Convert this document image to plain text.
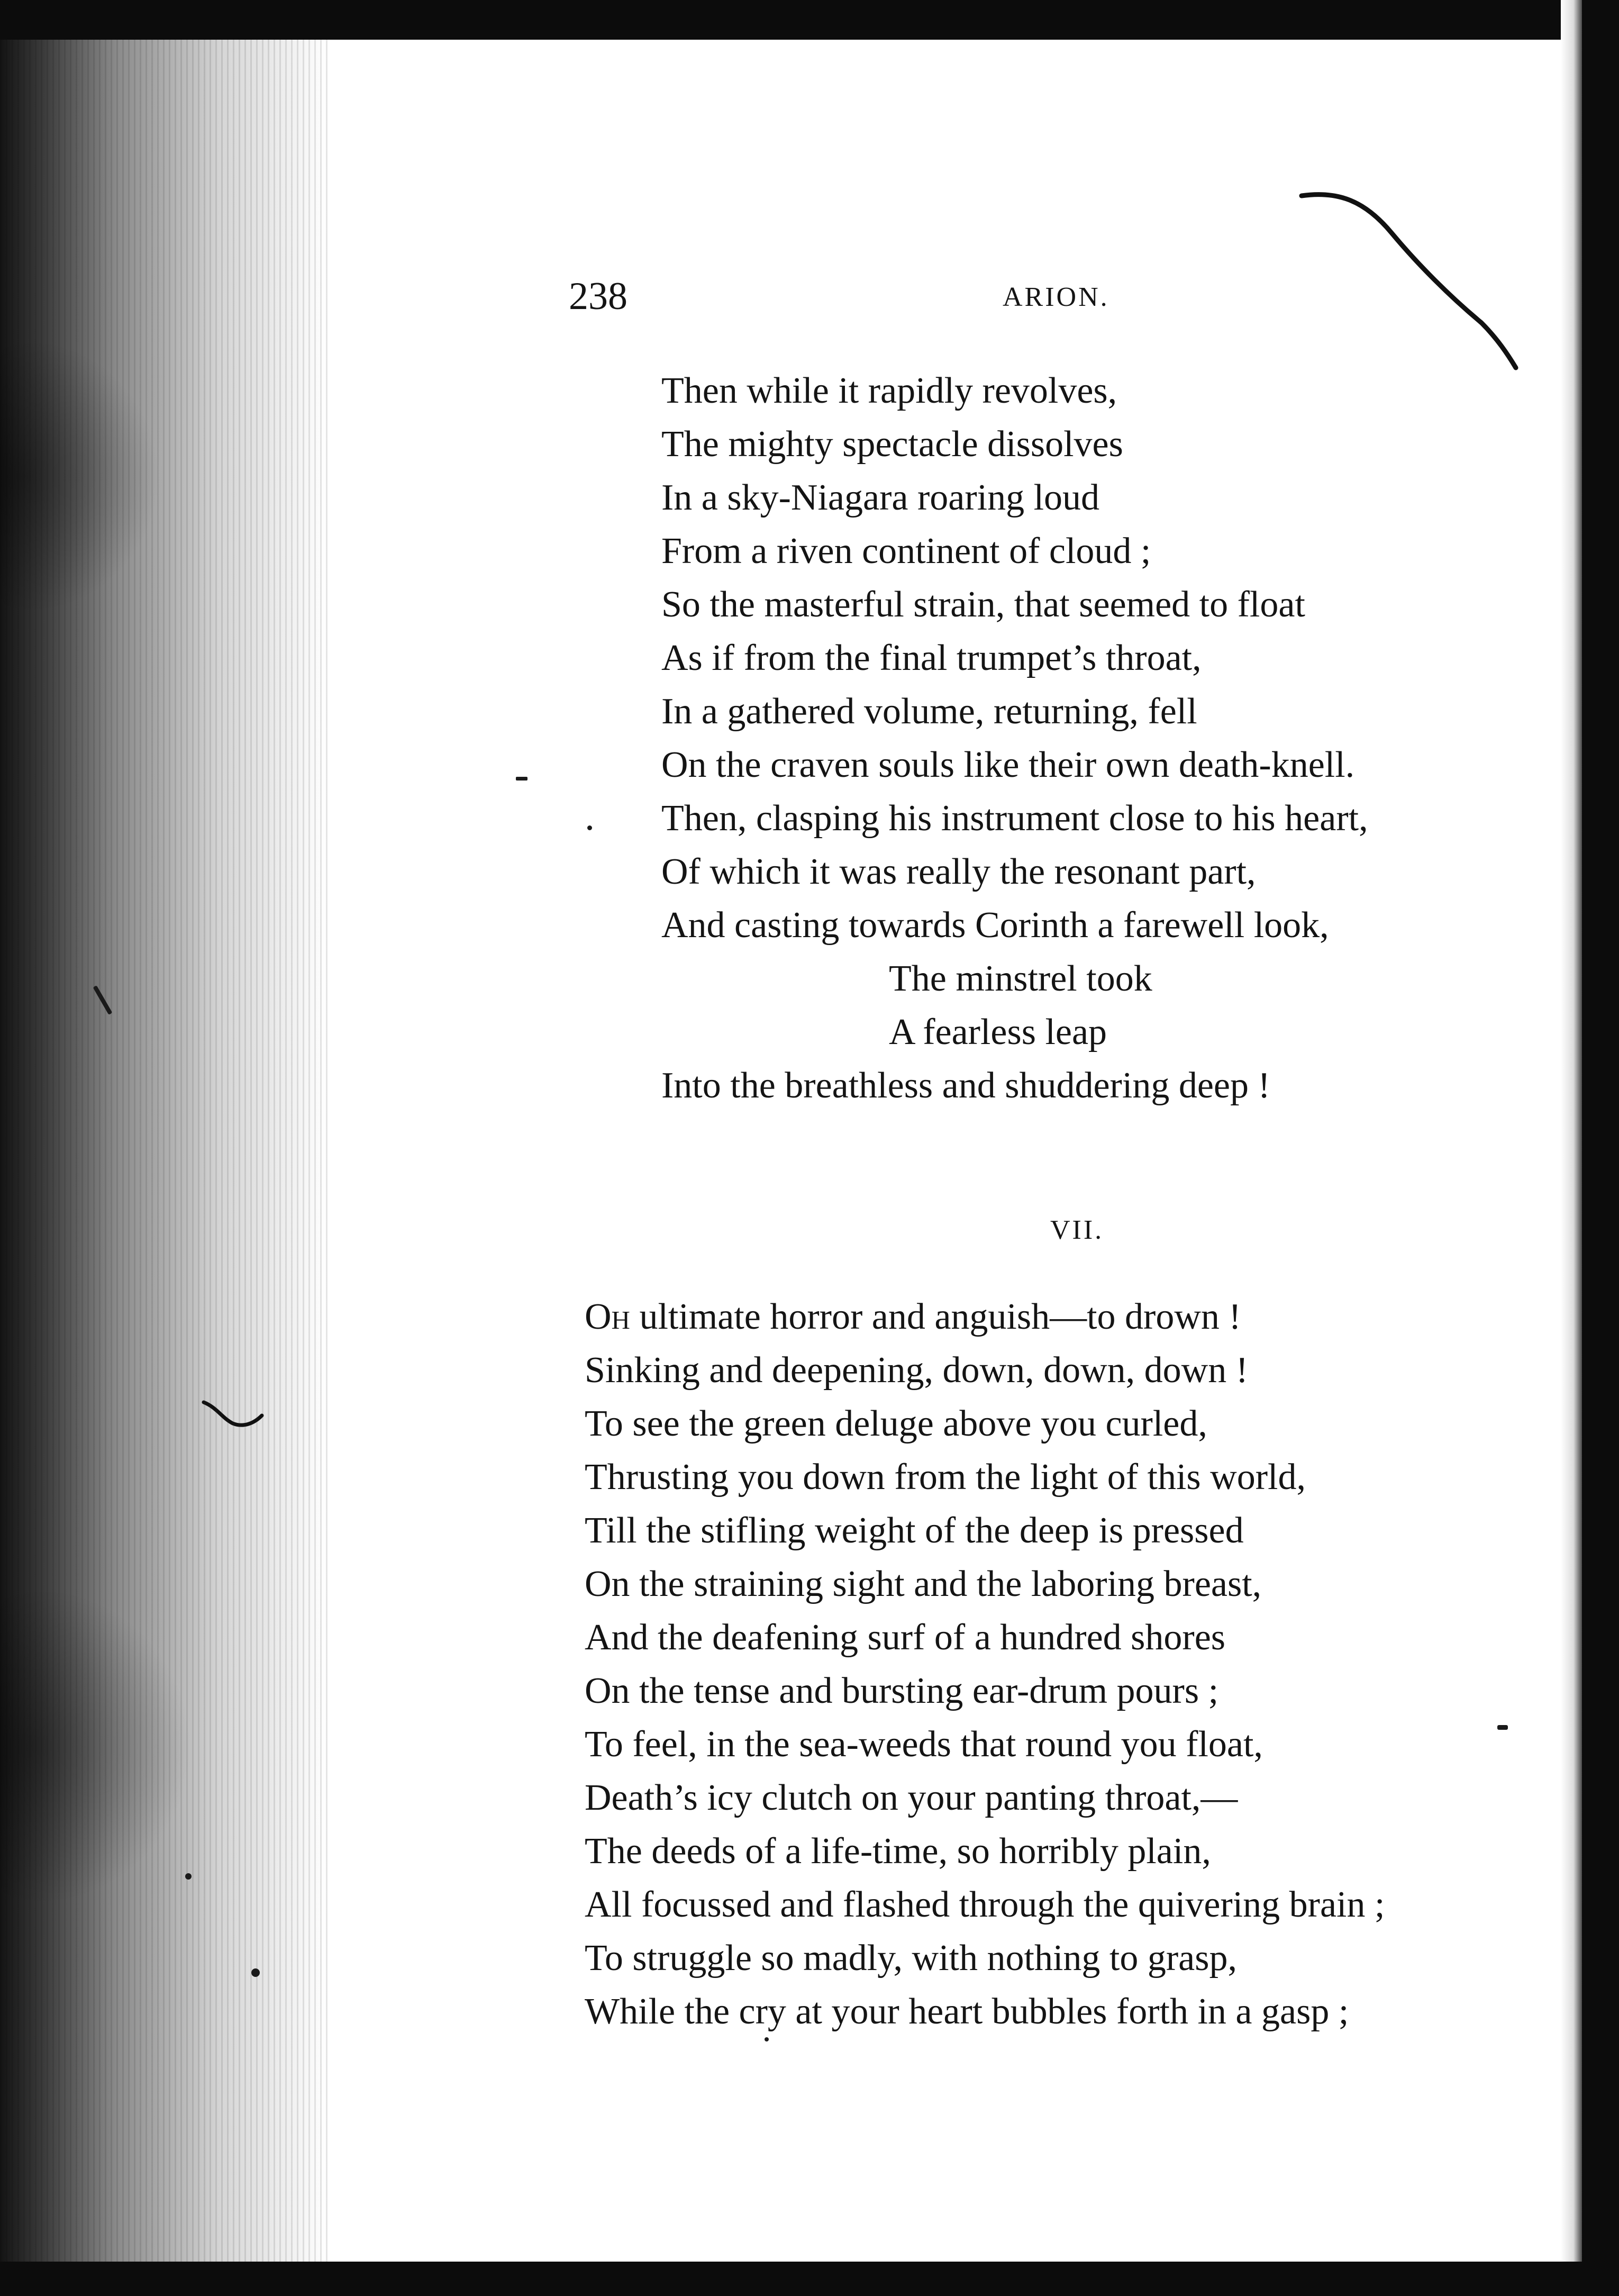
238	ARION.
Then while it rapidly revolves,
The mighty spectacle dissolves
In a sky-Niagara roaring loud
From a riven continent of cloud ;
So the masterful strain, that seemed to float
As if from the final trumpet’s throat,
In a gathered volume, returning, fell
On the craven souls like their own death-knell.
Then, clasping his instrument close to his heart,
Of which it was really the resonant part,
And casting towards Corinth a farewell look,
The minstrel took
A fearless leap
Into the breathless and shuddering deep !
VII.
Oh ultimate horror and anguish—to drown !
Sinking and deepening, down, down, down !
To see the green deluge above you curled,
Thrusting you down from the light of this world,
Till the stifling weight of the deep is pressed
On the straining sight and the laboring breast,
And the deafening surf of a hundred shores
On the tense and bursting ear-drum pours ;
To feel, in the sea-weeds that round you float,
Death’s icy clutch on your panting throat,—
The deeds of a life-time, so horribly plain,
All focussed and flashed through the quivering brain ;
To struggle so madly, with nothing to grasp,
While the cry at your heart bubbles forth in a gasp ;
